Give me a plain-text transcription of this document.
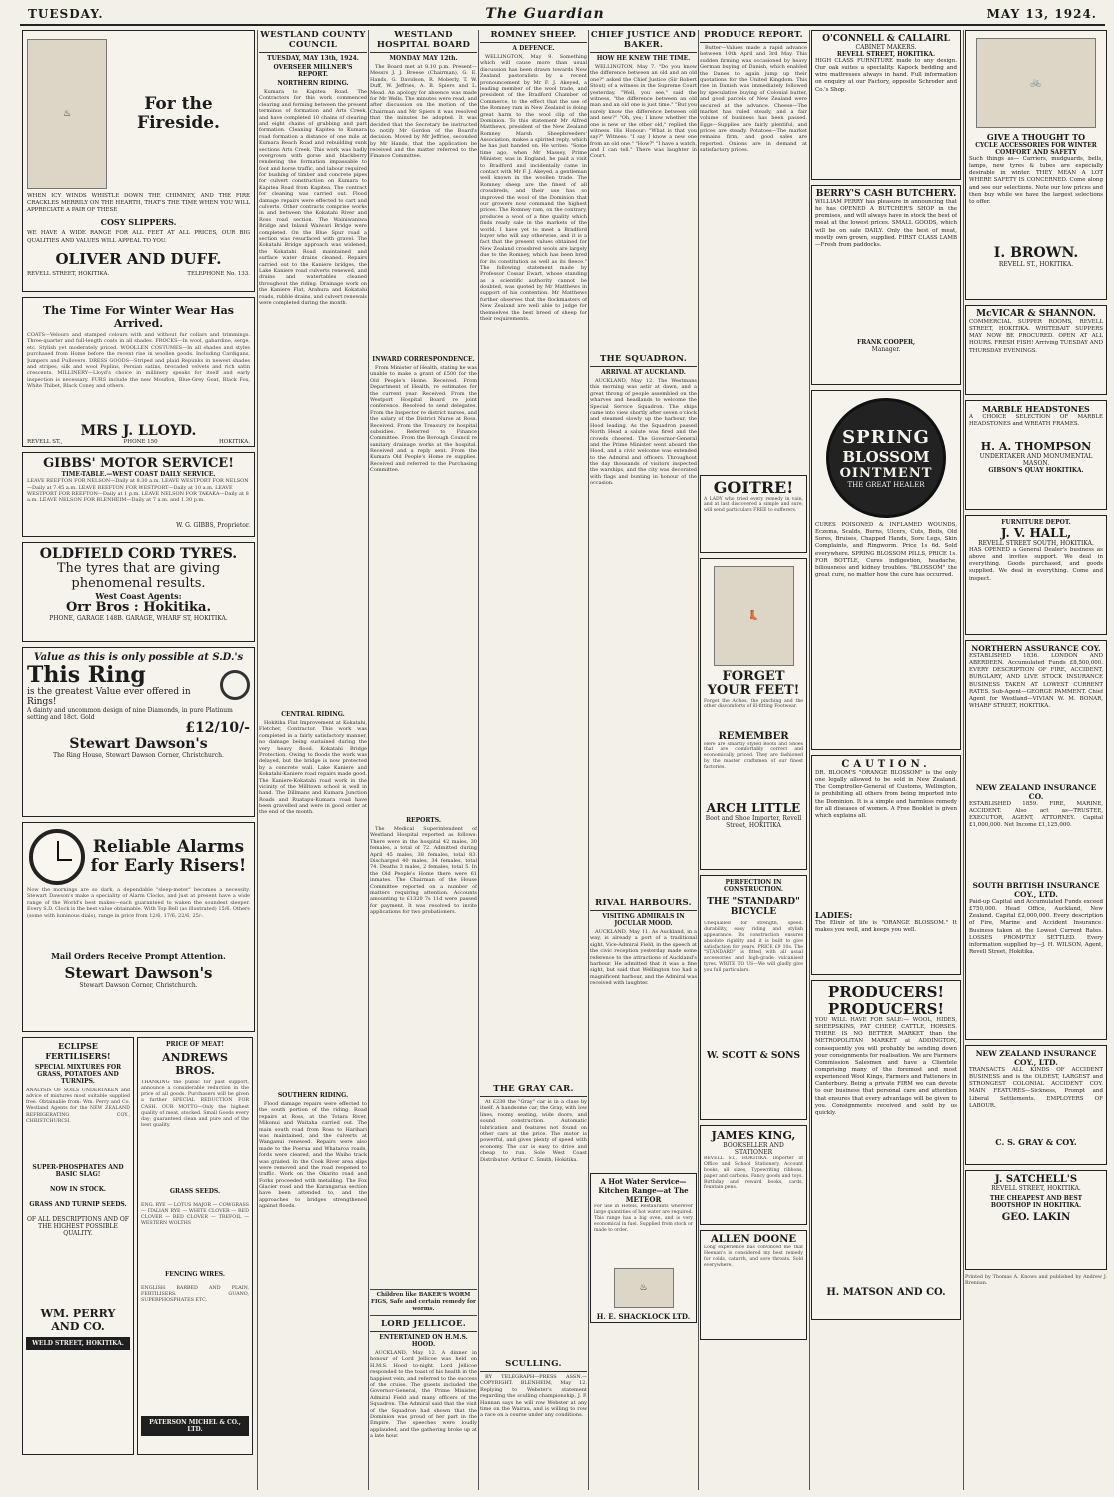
TUESDAY.	The Guardian	MAY 13, 1924.
♨	For the Fireside.

WHEN ICY WINDS WHISTLE DOWN THE CHIMNEY, AND THE FIRE CRACKLES MERRILY ON THE HEARTH, THAT'S THE TIME WHEN YOU WILL APPRECIATE A PAIR OF THESE

COSY SLIPPERS.

WE HAVE A WIDE RANGE FOR ALL FEET AT ALL PRICES, OUR BIG QUALITIES AND VALUES WILL APPEAL TO YOU.

OLIVER AND DUFF.
REVELL STREET, HOKITIKA.	TELEPHONE No. 133.
The Time For Winter Wear Has Arrived.
COATS—Velours and stamped colours with and without fur collars and trimmings. Three-quarter and full-length coats in all shades. FROCKS—In wool, gabardine, serge, etc. Stylish yet moderately priced. WOOLLEN COSTUMES—In all shades and styles purchased from Home before the recent rise in woollen goods. Including Cardigans, Jumpers and Pullovers. DRESS GOODS—Striped and plaid Repunks in newest shades and stripes, silk and wool Poplins, Persian satins, brocaded velvets and rich satin crescents. MILLINERY—Lloyd's choice in millinery speaks for itself and early inspection is necessary. FURS include the new Mouflon, Blue-Grey Goat, Black Fox, White Thibet, Black Coney and others.
MRS J. LLOYD.
REVELL ST.,	PHONE 150	HOKITIKA.
GIBBS' MOTOR SERVICE!
TIME-TABLE.—WEST COAST DAILY SERVICE.
LEAVE REEFTON FOR NELSON—Daily at 8.30 a.m. LEAVE WESTPORT FOR NELSON—Daily at 7.45 a.m. LEAVE REEFTON FOR WESTPORT—Daily at 10 a.m. LEAVE WESTPORT FOR REEFTON—Daily at 1 p.m. LEAVE NELSON FOR TAKAKA—Daily at 8 a.m. LEAVE NELSON FOR BLENHEIM—Daily at 7 a.m. and 1.30 p.m.
W. G. GIBBS, Proprietor.
OLDFIELD CORD TYRES.
The tyres that are giving phenomenal results.
West Coast Agents:
Orr Bros : Hokitika.
PHONE, GARAGE 148B. GARAGE, WHARF ST, HOKITIKA.
Value as this is only possible at S.D.'s
This Ring
is the greatest Value ever offered in Rings!
A dainty and uncommon design of nine Diamonds, in pure Platinum setting and 18ct. Gold
£12/10/-
Stewart Dawson's
The Ring House, Stewart Dawson Corner, Christchurch.
Reliable Alarms for Early Risers!
Now the mornings are so dark, a dependable "sleep-meter" becomes a necessity. Stewart Dawson's make a speciality of Alarm Clocks, and just at present have a wide range of the World's best makes—each guaranteed to waken the soundest sleeper. Every S.D. Clock is the best value obtainable. With Top Bell (as illustrated) 15/6. Others (some with luminous dials), range in price from 12/6, 17/6, 22/6, 25/-.
Mail Orders Receive Prompt Attention.
Stewart Dawson's
Stewart Dawson Corner, Christchurch.
ECLIPSE FERTILISERS!
SPECIAL MIXTURES FOR GRASS, POTATOES AND TURNIPS.
ANALYSIS OF SOILS UNDERTAKEN and advice of mixtures most suitable supplied free. Obtainable from: Wm. Perry and Co. Westland Agents for the NEW ZEALAND REFRIGERATING COY., CHRISTCHURCH.
SUPER-PHOSPHATES AND BASIC SLAG!
NOW IN STOCK.
GRASS AND TURNIP SEEDS.
OF ALL DESCRIPTIONS AND OF THE HIGHEST POSSIBLE QUALITY.
WM. PERRY AND CO.
WELD STREET, HOKITIKA.
PRICE OF MEAT!
ANDREWS BROS.
THANKING the public for past support, announce a considerable reduction in the price of all goods. Purchasers will be given a further SPECIAL REDUCTION FOR CASH. OUR MOTTO—Only the highest quality of meat, stocked. Small Goods every day; guaranteed clean and pure and of the best quality.
GRASS SEEDS.
ENG. RYE — LOTUS MAJOR — COWGRASS — ITALIAN RYE — WHITE CLOVER — RED CLOVER — RED CLOVER — TREFOIL — WESTERN WOLTHS
FENCING WIRES.
ENGLISH BARBED AND PLAIN, FERTILISERS. GUANO, SUPERPHOSPHATES ETC.
PATERSON MICHEL & CO., LTD.
WESTLAND COUNTY COUNCIL
TUESDAY, MAY 13th, 1924.
OVERSEER MILLNER'S REPORT.
NORTHERN RIDING.

Kumara to Kapitea Road. The Contractors for this work commenced clearing and forming between the present terminus of formation and Arts Creek, and have completed 10 chains of clearing and eight chains of grubbing and part formation. Cleaning Kapitea to Kumara road formation a distance of one mile at Kumara Beach Road and rebuilding sunk sections Arts Creek. This work was badly overgrown with gorse and blackberry rendering the formation impassable to foot and horse traffic, and labour required for bushing of timber and concrete pipes for culvert construction on Kumara to Kapitea Road from Kapitea. The contract for cleaning was carried out. Flood damage repairs were effected to cart and culverts. Other contracts comprise works in and between the Kokatahi River and Ross road section. The Wainiwaniwa Bridge and Inland Waiwari Bridge were completed. On the Blue Spur road a section was resurfaced with gravel. The Kokatahi Bridge approach was widened, the Kokatahi Road maintained and surface water drains cleaned. Repairs carried out to the Kaniere bridges, the Lake Kaniere road culverts renewed, and drains and watertables cleaned throughout the riding. Drainage work on the Kaniere Flat, Arahura and Kokatahi roads, rubble drains, and culvert renewals were completed during the month.

CENTRAL RIDING.

Hokitika Flat Improvement at Kokatahi, Fletcher, Contractor. This work was completed in a fairly satisfactory manner, no damage being sustained during the very heavy flood. Kokatahi Bridge Protection. Owing to floods the work was delayed, but the bridge is now protected by a concrete wall. Lake Kaniere and Kokatahi-Kaniere road repairs made good. The Kaniere-Kokatahi road work in the vicinity of the Milltown school is well in hand. The Dillmans and Kumara Junction Roads and Ruatapu-Kumara road have been gravelled and were in good order at the end of the month.

SOUTHERN RIDING.

Flood damage repairs were effected to the south portion of the riding. Road repairs at Ross, at the Totara River, Mikonui and Waitaha carried out. The main south road from Ross to Harihari was maintained, and the culverts at Wanganui renewed. Repairs were also made to the Poerua and Whataroa roads, fords were cleared, and the Waiho track was graded. In the Cook River area slips were removed and the road reopened to traffic. Work on the Okarito road and Forks proceeded with metalling. The Fox Glacier road and the Karangarua section have been attended to, and the approaches to bridges strengthened against floods.

WESTLAND HOSPITAL BOARD
MONDAY MAY 12th.

The Board met at 8.10 p.m. Present—Messrs J. J. Breese (Chairman), G. E. Hands, G. Davidson, R. Moberly, T. W. Duff, W. Jeffries, A. B. Spiers and L. Mead. An apology for absence was made for Mr Wells. The minutes were read, and after discussion on the motion of the Chairman and Mr Spiers it was resolved that the minutes be adopted. It was decided that the Secretary be instructed to notify Mr Gordon of the Board's decision. Moved by Mr Jeffries, seconded by Mr Hands, that the application be received and the matter referred to the Finance Committee.

INWARD CORRESPONDENCE.

From Minister of Health, stating he was unable to make a grant of £500 for the Old People's Home. Received. From Department of Health, re estimates for the current year. Received. From the Westport Hospital Board re joint conference. Resolved to send delegates. From the Inspector re district nurses, and the salary of the District Nurse at Ross. Received. From the Treasury re hospital subsidies. Referred to Finance Committee. From the Borough Council re sanitary drainage works at the hospital. Received and a reply sent. From the Kumara Old People's Home re supplies. Received and referred to the Purchasing Committee.

REPORTS.

The Medical Superintendent of Westland Hospital reported as follows: There were in the hospital 42 males, 30 females, a total of 72. Admitted during April 45 males, 38 females, total 83. Discharged 40 males, 34 females, total 74. Deaths 3 males, 2 females, total 5. In the Old People's Home there were 61 inmates. The Chairman of the House Committee reported on a number of matters requiring attention. Accounts amounting to £1320 7s 11d were passed for payment. It was resolved to invite applications for two probationers.

Children like BAKER'S WORM FIGS, Safe and certain remedy for worms.

LORD JELLICOE.
ENTERTAINED ON H.M.S. HOOD.

AUCKLAND, May 12. A dinner in honour of Lord Jellicoe was held on H.M.S. Hood to-night. Lord Jellicoe responded to the toast of his health in the happiest vein, and referred to the success of the cruise. The guests included the Governor-General, the Prime Minister, Admiral Field and many officers of the Squadron. The Admiral said that the visit of the Squadron had shown that the Dominion was proud of her part in the Empire. The speeches were loudly applauded, and the gathering broke up at a late hour.

ROMNEY SHEEP.
A DEFENCE.

WELLINGTON, May 9. Something which will cause more than usual discussion has been drawn towards New Zealand pastoralists by a recent pronouncement by Mr F. J. Akeyed, a leading member of the wool trade, and president of the Bradford Chamber of Commerce, to the effect that the use of the Romney ram in New Zealand is doing great harm to the wool clip of the Dominion. To this statement Mr Alfred Matthews, president of the New Zealand Romney Marsh Sheepbreeders' Association, makes a spirited reply, which he has just handed on. He writes: "Some time ago, when Mr Massey, Prime Minister, was in England, he paid a visit to Bradford and incidentally came in contact with Mr F. J. Akeyed, a gentleman well known in the woollen trade. The Romney sheep are the finest of all crossbreds, and their use has so improved the wool of the Dominion that our growers now command the highest prices. The Romney ram, on the contrary, produces a wool of a fine quality which finds ready sale in the markets of the world. I have yet to meet a Bradford buyer who will say otherwise, and it is a fact that the present values obtained for New Zealand crossbred wools are largely due to the Romney, which has been bred for its constitution as well as its fleece." The following statement made by Professor Cossar Ewart, whose standing as a scientific authority cannot be doubted, was quoted by Mr Matthews in support of his contention. Mr Matthews further observes that the flockmasters of New Zealand are well able to judge for themselves the best breed of sheep for their requirements.

THE GRAY CAR.

At £230 the "Gray" car is in a class by itself. A handsome car, the Gray, with low lines, roomy seating, wide doors, and sound construction. Automatic lubrication and features not found on other cars at the price. The motor is powerful, and gives plenty of speed with economy. The car is easy to drive and cheap to run. Sole West Coast Distributor: Arthur C. Smith, Hokitika.

SCULLING.

BY TELEGRAPH—PRESS ASSN.—COPYRIGHT. BLENHEIM, May 12. Replying to Webster's statement regarding the sculling championship, J. P. Hannan says he will row Webster at any time on the Wairau, and is willing to row a race on a course under any conditions.

CHIEF JUSTICE AND BAKER.
HOW HE KNEW THE TIME.

WELLINGTON, May 7. "Do you know the difference between an old and an old one?" asked the Chief Justice (Sir Robert Stout) of a witness in the Supreme Court yesterday. "Well, you see," said the witness, "the difference between an old man and an old one is just time." "But you surely know the difference between old and new?" "Oh, yes; I know whether the one is new or the other old," replied the witness. His Honour: "What is that you say?" Witness: "I say I know a new one from an old one." "How?" "I have a watch, and I can tell." There was laughter in Court.

THE SQUADRON.
ARRIVAL AT AUCKLAND.

AUCKLAND, May 12. The Westmans this morning was astir at dawn, and a great throng of people assembled on the wharves and headlands to welcome the Special Service Squadron. The ships came into view shortly after seven o'clock and steamed slowly up the harbour, the Hood leading. As the Squadron passed North Head a salute was fired and the crowds cheered. The Governor-General and the Prime Minister went aboard the Hood, and a civic welcome was extended to the Admiral and officers. Throughout the day thousands of visitors inspected the warships, and the city was decorated with flags and bunting in honour of the occasion.

RIVAL HARBOURS.
VISITING ADMIRALS IN JOCULAR MOOD.

AUCKLAND, May 11. As Auckland, in a way, is already a port of a traditional sight, Vice-Admiral Field, in the speech at the civic reception yesterday made some reference to the attractions of Auckland's harbour. He admitted that it was a fine sight, but said that Wellington too had a magnificent harbour, and the Admiral was received with laughter.

A Hot Water Service—Kitchen Range—at The METEOR
For use in Hotels, Restaurants wherever large quantities of hot water are required. This range has a big oven, and is very economical in fuel. Supplied from stock or made to order.
♨
H. E. SHACKLOCK LTD.
PRODUCE REPORT.

Butter—Values made a rapid advance between 10th April and 3rd May. This sudden firming was occasioned by heavy German buying of Danish, which enabled the Danes to again jump up their quotations for the United Kingdom. This rise in Danish was immediately followed by speculative buying of Colonial butter, and good parcels of New Zealand were secured at the advance. Cheese—The market has ruled steady, and a fair volume of business has been passed. Eggs—Supplies are fairly plentiful, and prices are steady. Potatoes—The market remains firm, and good sales are reported. Onions are in demand at satisfactory prices.

GOITRE!
A LADY who tried every remedy in vain, and at last discovered a simple and sure, will send particulars FREE to sufferers.
👢
FORGET YOUR FEET!
Forget the Aches, the pinching and the other discomforts of ill-fitting Footwear.
REMEMBER
Here are smartly styled Boots and Shoes that are comfortably correct and economically priced. They are fashioned by the master craftsmen of our finest factories.
ARCH LITTLE
Boot and Shoe Importer, Revell Street, HOKITIKA
PERFECTION IN CONSTRUCTION.
THE "STANDARD" BICYCLE
Unequalled for strength, speed, durability, easy riding and stylish appearance. Its construction ensures absolute rigidity and it is built to give satisfaction for years. PRICE £9 10s. The "STANDARD" is fitted with all usual accessories and high-grade vulcanised tyres. WRITE TO US—We will gladly give you full particulars.
W. SCOTT & SONS
JAMES KING,
BOOKSELLER AND STATIONER
REVELL ST., HOKITIKA. Importer of Office and School Stationery, Account books, all sizes, Typewriting ribbons, paper and carbons. Fancy goods and toys. Birthday and reward books, cards, fountain pens.
ALLEN DOONE
Long experience has convinced me that Heenan's is considered my best remedy for colds, catarrh, and sore throats. Sold everywhere.
O'CONNELL & CALLAIRL
CABINET MAKERS.
REVELL STREET, HOKITIKA.

HIGH CLASS FURNITURE made to any design. Our oak suites a speciality. Kapock bedding and wire mattresses always in hand. Full information on enquiry at our Factory, opposite Schroder and Co.'s Shop.

BERRY'S CASH BUTCHERY.

WILLIAM PERRY has pleasure in announcing that he has OPENED A BUTCHER'S SHOP in the premises, and will always have in stock the best of meat at the lowest prices. SMALL GOODS, which will be on sale DAILY. Only the best of meat, mostly own grown, supplied. FIRST CLASS LAMB—Fresh from paddocks.

FRANK COOPER,
Manager.
SPRING
BLOSSOM
OINTMENT
THE GREAT HEALER

CURES POISONED & INFLAMED WOUNDS, Eczema, Scalds, Burns, Ulcers, Cuts, Boils, Old Sores, Bruises, Chapped Hands, Sore Legs, Skin Complaints, and Ringworm. Price 1s 6d. Sold everywhere. SPRING BLOSSOM PILLS, PRICE 1s. FOR BOTTLE, Cures indigestion, headache, biliousness and kidney troubles. "BLOSSOM" the great cure, no matter how the cure has occurred.

CAUTION.

DR. BLOOM'S "ORANGE BLOSSOM" is the only one legally allowed to be sold in New Zealand. The Comptroller-General of Customs, Wellington, is prohibiting all others from being imported into the Dominion. It is a simple and harmless remedy for all diseases of women. A Free Booklet is given which explains all.

LADIES:

The Elixir of life is "ORANGE BLOSSOM." It makes you well, and keeps you well.

PRODUCERS! PRODUCERS!

YOU WILL HAVE FOR SALE:— WOOL, HIDES, SHEEPSKINS, FAT CHEEP, CATTLE, HORSES. THERE IS NO BETTER MARKET than the METROPOLITAN MARKET at ADDINGTON, consequently you will probably be sending down your consignments for realisation. We are Farmers Commission Salesmen and have a Clientele comprising many of the foremost and most experienced Wool Kings, Farmers and Fatteners in Canterbury. Being a private FIRM we can devote to our business that personal care and attention that ensures that every advantage will be given to you. Consignments received and sold by us quickly.

H. MATSON AND CO.
🚲
GIVE A THOUGHT TO
CYCLE ACCESSORIES FOR WINTER COMFORT AND SAFETY

Such things as— Carriers, mudguards, bells, lamps, new tyres & tubes are especially desirable in winter. THEY MEAN A LOT WHERE SAFETY IS CONCERNED. Come along and see our selections. Note our low prices and then buy while we have the largest selections to offer.

I. BROWN.
REVELL ST., HOKITIKA.
McVICAR & SHANNON.

COMMERCIAL SUPPER ROOMS, REVELL STREET, HOKITIKA. WHITEBAIT SUPPERS MAY NOW BE PROCURED. OPEN AT ALL HOURS. FRESH FISH! Arriving TUESDAY AND THURSDAY EVENINGS.

MARBLE HEADSTONES

A CHOICE SELECTION OF MARBLE HEADSTONES and WREATH FRAMES.

H. A. THOMPSON
UNDERTAKER AND MONUMENTAL MASON.
GIBSON'S QUAY HOKITIKA.
FURNITURE DEPOT.
J. V. HALL,
REVELL STREET SOUTH, HOKITIKA.

HAS OPENED a General Dealer's business as above and invites support. We deal in everything. Goods purchased, and goods supplied. We deal in everything. Come and inspect.

NORTHERN ASSURANCE COY.

ESTABLISHED 1836. LONDON AND ABERDEEN. Accumulated Funds £8,500,000. EVERY DESCRIPTION OF FIRE, ACCIDENT, BURGLARY, AND LIVE STOCK INSURANCE BUSINESS TAKEN AT LOWEST CURRENT RATES. Sub-Agent—GEORGE PAMMENT. Chief Agent for Westland—VIVIAN W. M. BONAR, WHARF STREET, HOKITIKA.

NEW ZEALAND INSURANCE CO.

ESTABLISHED 1859. FIRE, MARINE, ACCIDENT. Also act as—TRUSTEE, EXECUTOR, AGENT, ATTORNEY. Capital £1,000,000. Net Income £1,125,000.

SOUTH BRITISH INSURANCE COY., LTD.

Paid-up Capital and Accumulated Funds exceed £750,000. Head Office, Auckland, New Zealand. Capital £2,000,000. Every description of Fire, Marine and Accident Insurance. Business taken at the Lowest Current Rates. LOSSES PROMPTLY SETTLED. Every information supplied by—J. H. WILSON, Agent, Revell Street, Hokitika.

NEW ZEALAND INSURANCE COY., LTD.

TRANSACTS ALL KINDS OF ACCIDENT BUSINESS and is the OLDEST, LARGEST and STRONGEST COLONIAL ACCIDENT COY. MAIN FEATURES—Sickness, Prompt and Liberal Settlements. EMPLOYERS OF LABOUR.

C. S. GRAY & COY.
J. SATCHELL'S
REVELL STREET, HOKITIKA.
THE CHEAPEST AND BEST BOOTSHOP IN HOKITIKA.
GEO. LAKIN

Printed by Thomas A. Knows and published by Andrew J. Brennan.
